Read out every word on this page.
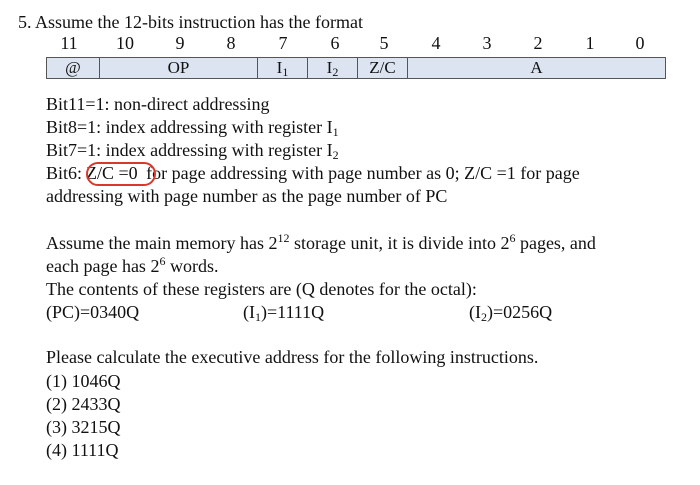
5. Assume the 12-bits instruction has the format
11 10 9 8 7 6 5 4 3 2 1 0
@	OP	$I_1$	$I_2$	Z/C	A
Bit11=1: non-direct addressing
Bit8=1: index addressing with register $I_1$
Bit7=1: index addressing with register $I_2$
Bit6: Z/C =0 for page addressing with page number as 0; Z/C =1 for page
addressing with page number as the page number of PC
Assume the main memory has $2^{12}$ storage unit, it is divide into $2^6$ pages, and
each page has $2^6$ words.
The contents of these registers are (Q denotes for the octal):
(PC)=0340Q	$(I_1)=1111Q$	$(I_2)=0256Q$
Please calculate the executive address for the following instructions.
(1) 1046Q
(2) 2433Q
(3) 3215Q
(4) 1111Q
